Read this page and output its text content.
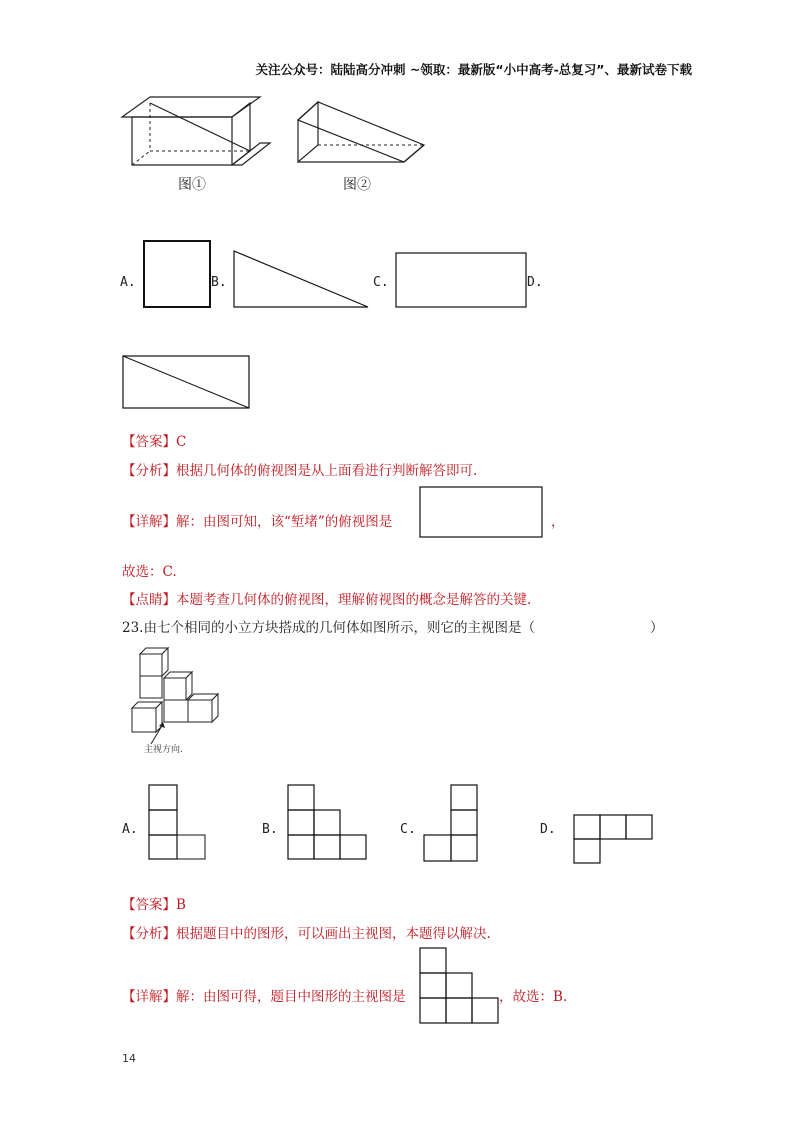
关注公众号：陆陆高分冲刺 ~领取：最新版“小中高考-总复习”、最新试卷下载
图①	图②
A.	B.	C.	D.
【答案】C
【分析】根据几何体的俯视图是从上面看进行判断解答即可.
【详解】解：由图可知，该“堑堵”的俯视图是	，
故选：C.
【点睛】本题考查几何体的俯视图，理解俯视图的概念是解答的关键.
23.由七个相同的小立方块搭成的几何体如图所示，则它的主视图是（	）
主视方向.
A.	B.	C.	D.
【答案】B
【分析】根据题目中的图形，可以画出主视图，本题得以解决.
【详解】解：由图可得，题目中图形的主视图是	，故选：B.
14
